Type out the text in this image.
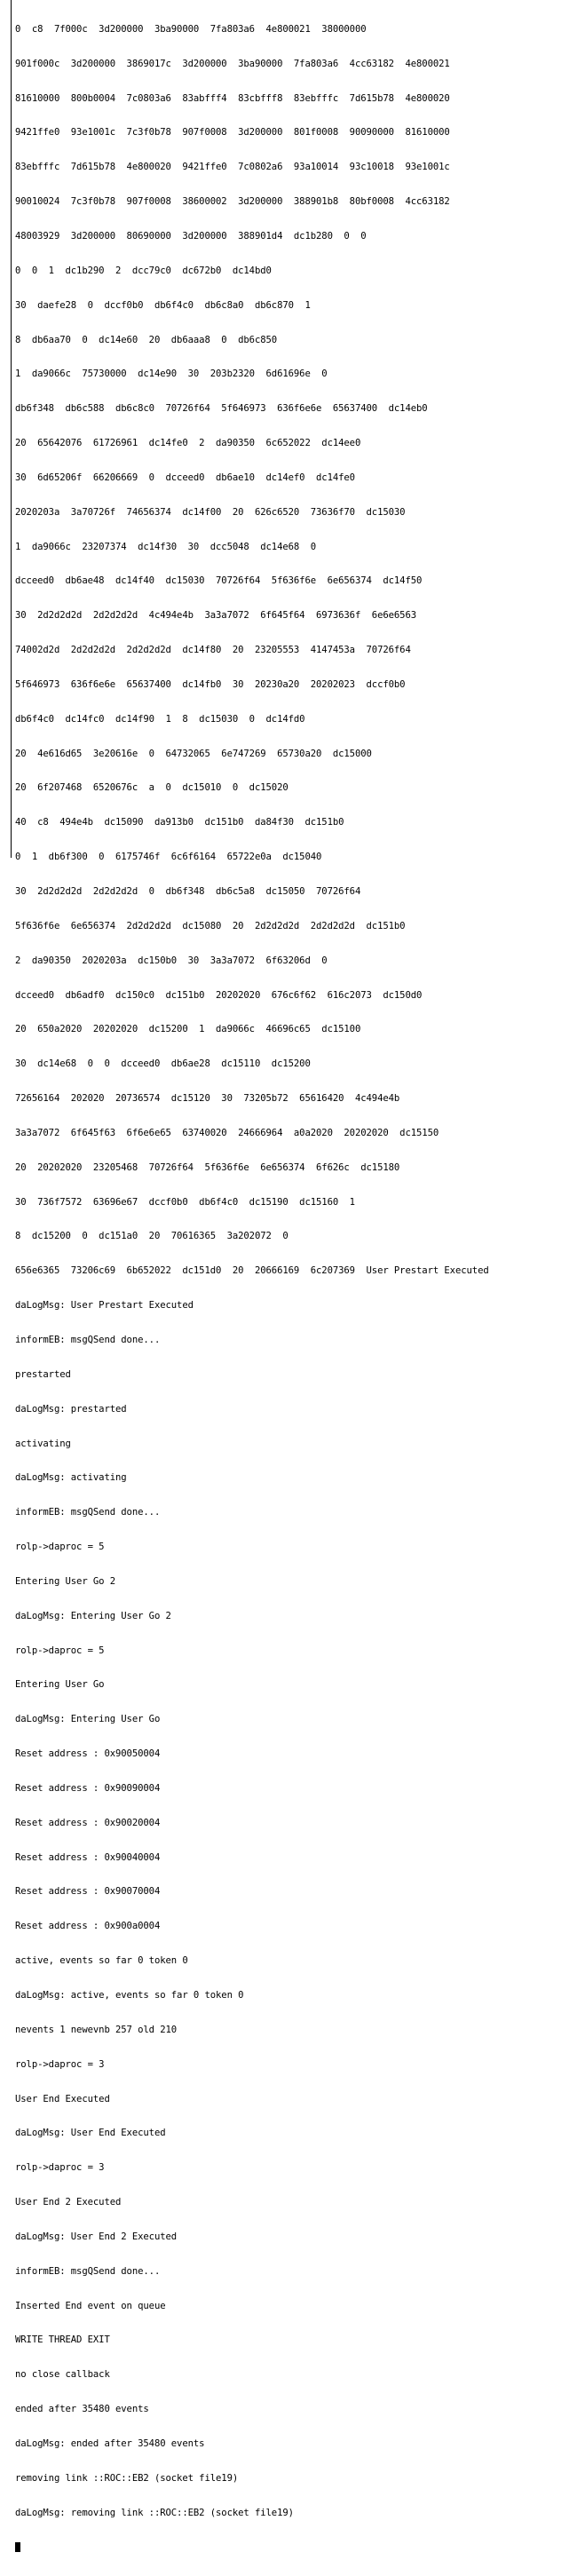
0  c8  7f000c  3d200000  3ba90000  7fa803a6  4e800021  38000000

901f000c  3d200000  3869017c  3d200000  3ba90000  7fa803a6  4cc63182  4e800021

81610000  800b0004  7c0803a6  83abfff4  83cbfff8  83ebfffc  7d615b78  4e800020

9421ffe0  93e1001c  7c3f0b78  907f0008  3d200000  801f0008  90090000  81610000

83ebfffc  7d615b78  4e800020  9421ffe0  7c0802a6  93a10014  93c10018  93e1001c

90010024  7c3f0b78  907f0008  38600002  3d200000  388901b8  80bf0008  4cc63182

48003929  3d200000  80690000  3d200000  388901d4  dc1b280  0  0

0  0  1  dc1b290  2  dcc79c0  dc672b0  dc14bd0

30  daefe28  0  dccf0b0  db6f4c0  db6c8a0  db6c870  1

8  db6aa70  0  dc14e60  20  db6aaa8  0  db6c850

1  da9066c  75730000  dc14e90  30  203b2320  6d61696e  0

db6f348  db6c588  db6c8c0  70726f64  5f646973  636f6e6e  65637400  dc14eb0

20  65642076  61726961  dc14fe0  2  da90350  6c652022  dc14ee0

30  6d65206f  66206669  0  dcceed0  db6ae10  dc14ef0  dc14fe0

2020203a  3a70726f  74656374  dc14f00  20  626c6520  73636f70  dc15030

1  da9066c  23207374  dc14f30  30  dcc5048  dc14e68  0

dcceed0  db6ae48  dc14f40  dc15030  70726f64  5f636f6e  6e656374  dc14f50

30  2d2d2d2d  2d2d2d2d  4c494e4b  3a3a7072  6f645f64  6973636f  6e6e6563

74002d2d  2d2d2d2d  2d2d2d2d  dc14f80  20  23205553  4147453a  70726f64

5f646973  636f6e6e  65637400  dc14fb0  30  20230a20  20202023  dccf0b0

db6f4c0  dc14fc0  dc14f90  1  8  dc15030  0  dc14fd0

20  4e616d65  3e20616e  0  64732065  6e747269  65730a20  dc15000

20  6f207468  6520676c  a  0  dc15010  0  dc15020

40  c8  494e4b  dc15090  da913b0  dc151b0  da84f30  dc151b0

0  1  db6f300  0  6175746f  6c6f6164  65722e0a  dc15040

30  2d2d2d2d  2d2d2d2d  0  db6f348  db6c5a8  dc15050  70726f64

5f636f6e  6e656374  2d2d2d2d  dc15080  20  2d2d2d2d  2d2d2d2d  dc151b0

2  da90350  2020203a  dc150b0  30  3a3a7072  6f63206d  0

dcceed0  db6adf0  dc150c0  dc151b0  20202020  676c6f62  616c2073  dc150d0

20  650a2020  20202020  dc15200  1  da9066c  46696c65  dc15100

30  dc14e68  0  0  dcceed0  db6ae28  dc15110  dc15200

72656164  202020  20736574  dc15120  30  73205b72  65616420  4c494e4b

3a3a7072  6f645f63  6f6e6e65  63740020  24666964  a0a2020  20202020  dc15150

20  20202020  23205468  70726f64  5f636f6e  6e656374  6f626c  dc15180

30  736f7572  63696e67  dccf0b0  db6f4c0  dc15190  dc15160  1

8  dc15200  0  dc151a0  20  70616365  3a202072  0

656e6365  73206c69  6b652022  dc151d0  20  20666169  6c207369  User Prestart Executed

daLogMsg: User Prestart Executed

informEB: msgQSend done...

prestarted

daLogMsg: prestarted

activating

daLogMsg: activating

informEB: msgQSend done...

rolp->daproc = 5

Entering User Go 2

daLogMsg: Entering User Go 2

rolp->daproc = 5

Entering User Go

daLogMsg: Entering User Go

Reset address : 0x90050004

Reset address : 0x90090004

Reset address : 0x90020004

Reset address : 0x90040004

Reset address : 0x90070004

Reset address : 0x900a0004

active, events so far 0 token 0

daLogMsg: active, events so far 0 token 0

nevents 1 newevnb 257 old 210

rolp->daproc = 3

User End Executed

daLogMsg: User End Executed

rolp->daproc = 3

User End 2 Executed

daLogMsg: User End 2 Executed

informEB: msgQSend done...

Inserted End event on queue

WRITE THREAD EXIT

no close callback

ended after 35480 events

daLogMsg: ended after 35480 events

removing link ::ROC::EB2 (socket file19)

daLogMsg: removing link ::ROC::EB2 (socket file19)
